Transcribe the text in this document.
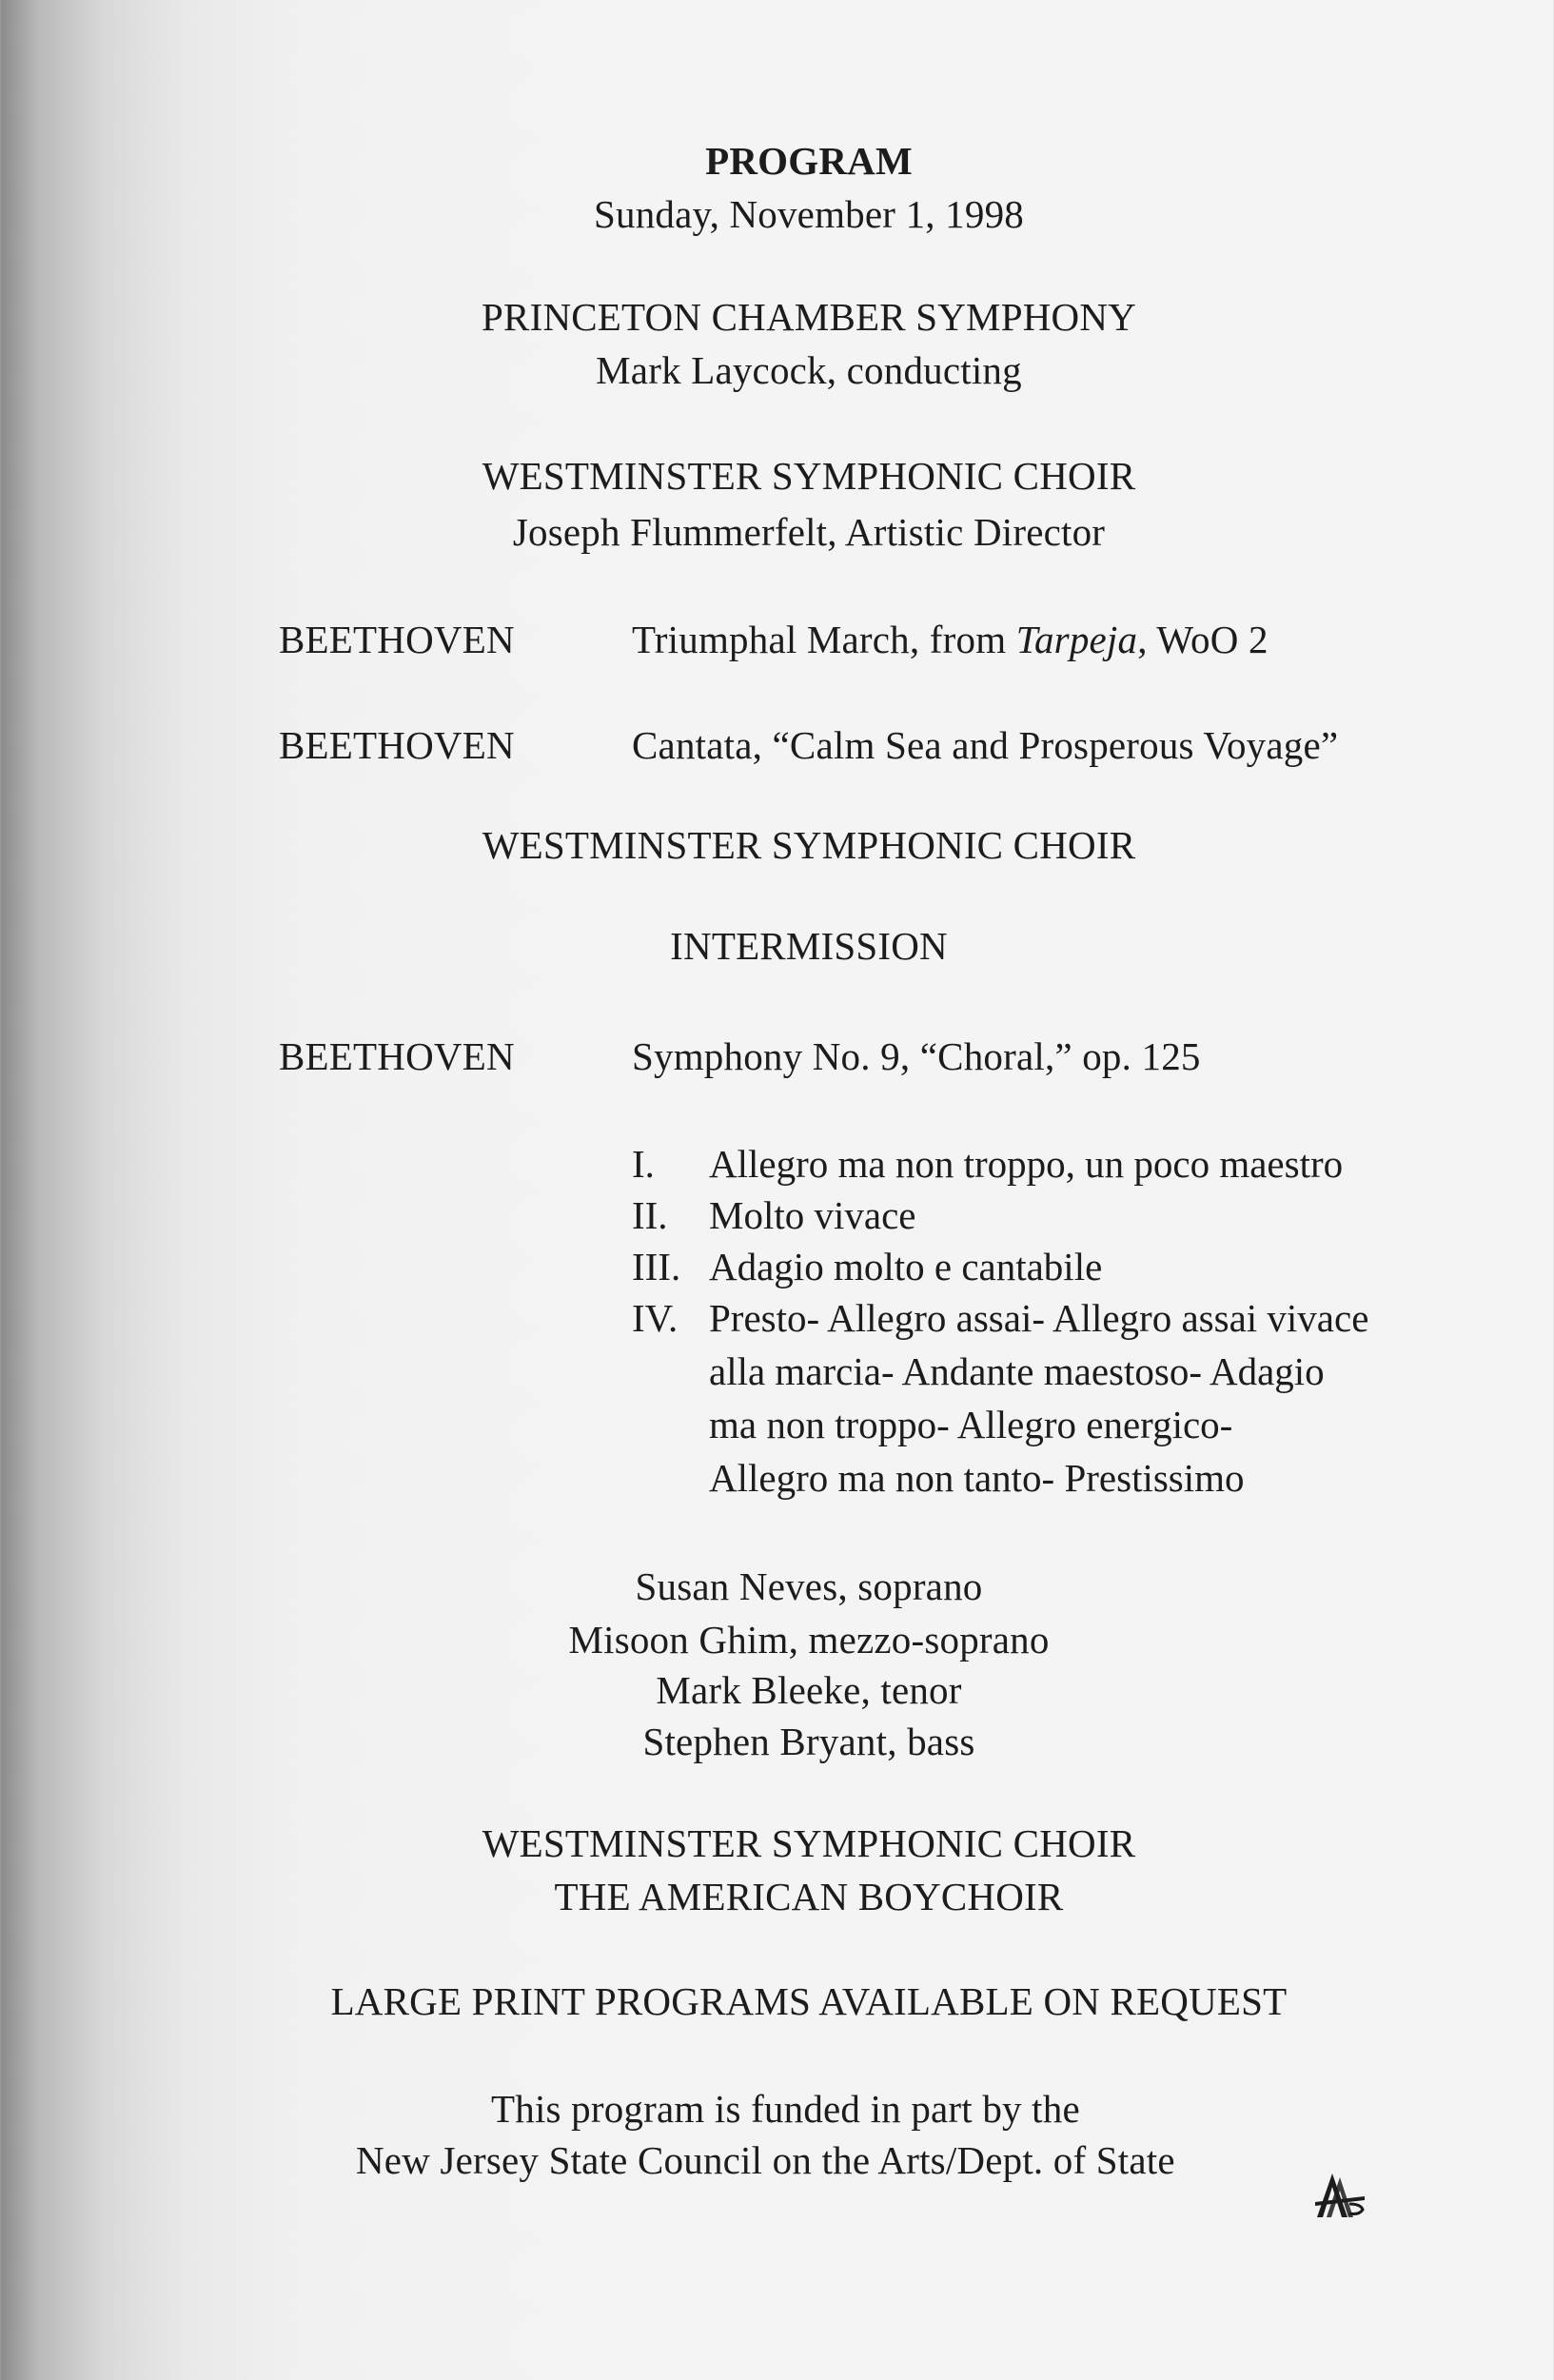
PROGRAM
Sunday, November 1, 1998
PRINCETON CHAMBER SYMPHONY
Mark Laycock, conducting
WESTMINSTER SYMPHONIC CHOIR
Joseph Flummerfelt, Artistic Director
BEETHOVEN	Triumphal March, from Tarpeja, WoO 2
BEETHOVEN	Cantata, “Calm Sea and Prosperous Voyage”
WESTMINSTER SYMPHONIC CHOIR
INTERMISSION
BEETHOVEN	Symphony No. 9, “Choral,” op. 125
I. Allegro ma non troppo, un poco maestro
II. Molto vivace
III. Adagio molto e cantabile
IV. Presto- Allegro assai- Allegro assai vivace
alla marcia- Andante maestoso- Adagio
ma non troppo- Allegro energico-
Allegro ma non tanto- Prestissimo
Susan Neves, soprano
Misoon Ghim, mezzo-soprano
Mark Bleeke, tenor
Stephen Bryant, bass
WESTMINSTER SYMPHONIC CHOIR
THE AMERICAN BOYCHOIR
LARGE PRINT PROGRAMS AVAILABLE ON REQUEST
This program is funded in part by the
New Jersey State Council on the Arts/Dept. of State
